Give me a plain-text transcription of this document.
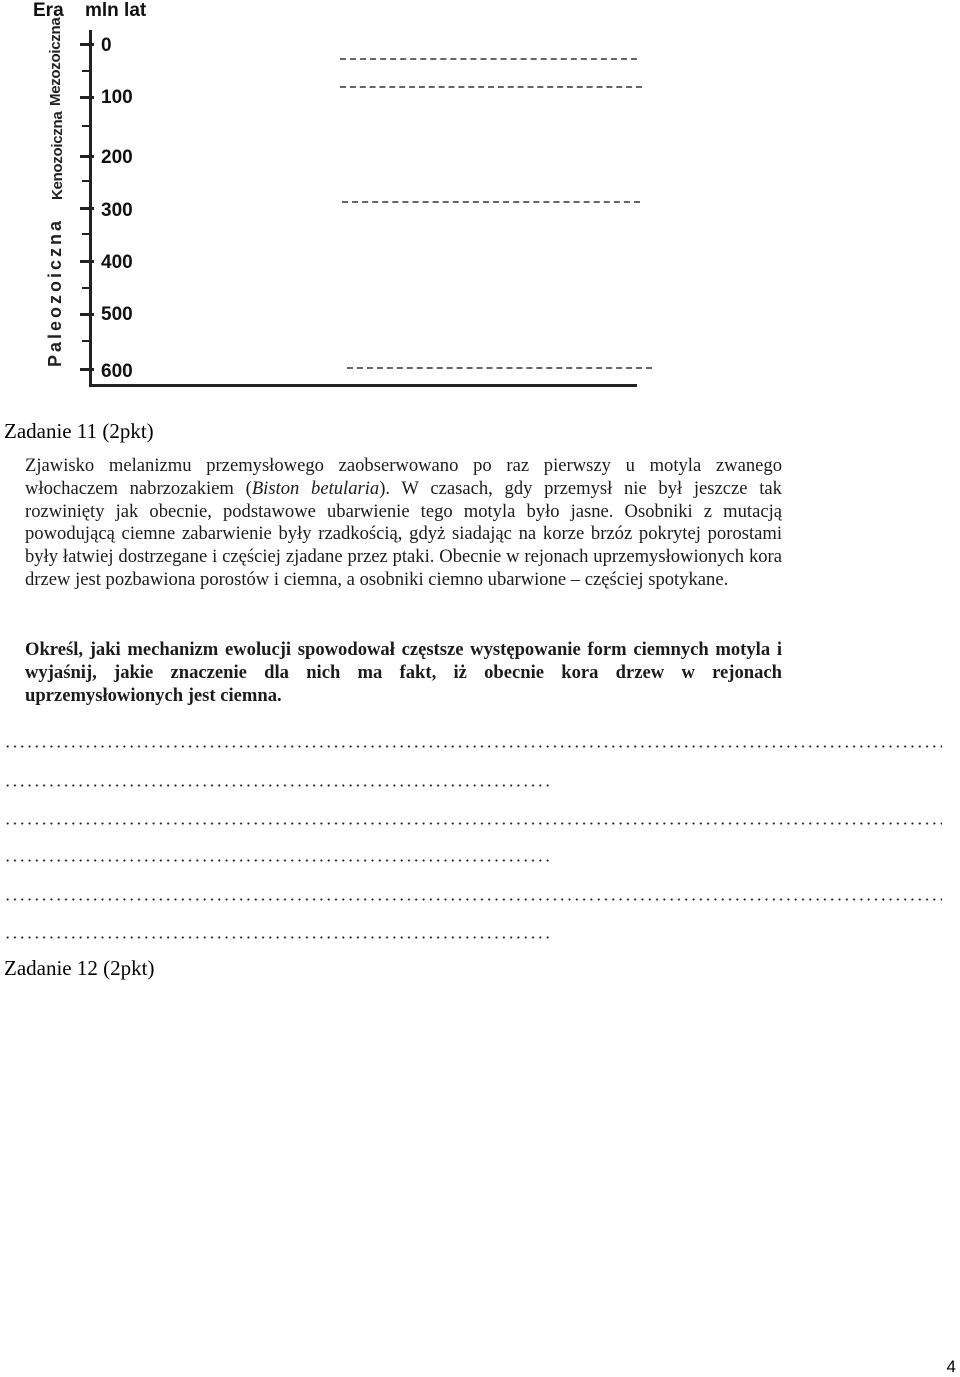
Era mln lat
Mezozoiczna
Kenozoiczna
Paleozoiczna
0
100
200
300
400
500
600
Zadanie 11 (2pkt)
Zjawisko melanizmu przemysłowego zaobserwowano po raz pierwszy u motyla zwanego włochaczem nabrzozakiem (Biston betularia). W czasach, gdy przemysł nie był jeszcze tak rozwinięty jak obecnie, podstawowe ubarwienie tego motyla było jasne. Osobniki z mutacją powodującą ciemne zabarwienie były rzadkością, gdyż siadając na korze brzóz pokrytej porostami były łatwiej dostrzegane i częściej zjadane przez ptaki. Obecnie w rejonach uprzemysłowionych kora drzew jest pozbawiona porostów i ciemna, a osobniki ciemno ubarwione – częściej spotykane.
Określ, jaki mechanizm ewolucji spowodował częstsze występowanie form ciemnych motyla i wyjaśnij, jakie znaczenie dla nich ma fakt, iż obecnie kora drzew w rejonach uprzemysłowionych jest ciemna.
Zadanie 12 (2pkt)
4
